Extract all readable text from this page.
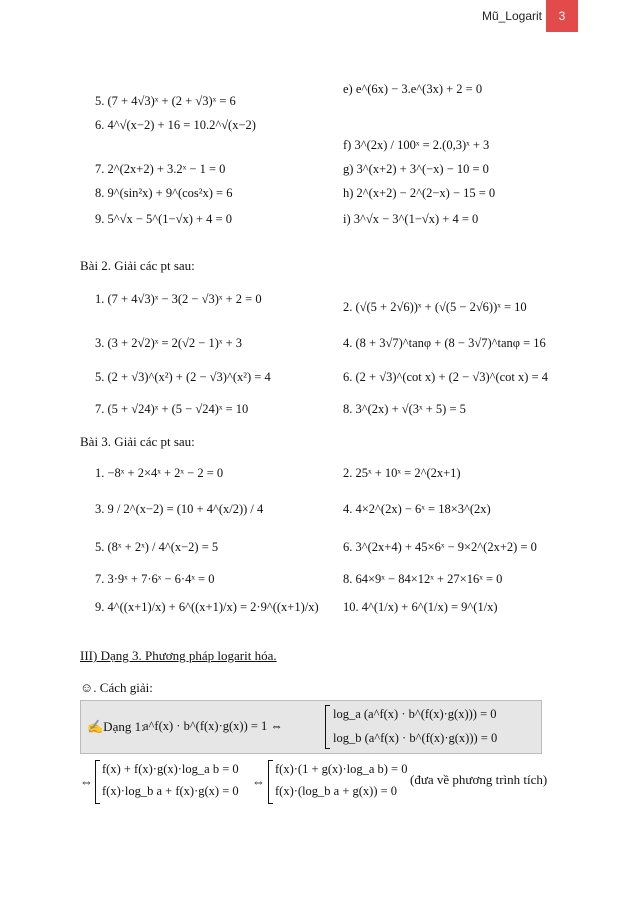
Mũ_Logarit	3
5. (7 + 4√3)ˣ + (2 + √3)ˣ = 6
6. 4^√(x−2) + 16 = 10.2^√(x−2)
7. 2^(2x+2) + 3.2ˣ − 1 = 0
8. 9^(sin²x) + 9^(cos²x) = 6
9. 5^√x − 5^(1−√x) + 4 = 0
e) e^(6x) − 3.e^(3x) + 2 = 0
f) 3^(2x) / 100ˣ = 2.(0,3)ˣ + 3
g) 3^(x+2) + 3^(−x) − 10 = 0
h) 2^(x+2) − 2^(2−x) − 15 = 0
i) 3^√x − 3^(1−√x) + 4 = 0
Bài 2. Giải các pt sau:
1. (7 + 4√3)ˣ − 3(2 − √3)ˣ + 2 = 0
2. (√(5 + 2√6))ˣ + (√(5 − 2√6))ˣ = 10
3. (3 + 2√2)ˣ = 2(√2 − 1)ˣ + 3	4. (8 + 3√7)^tanφ + (8 − 3√7)^tanφ = 16
5. (2 + √3)^(x²) + (2 − √3)^(x²) = 4	6. (2 + √3)^(cot x) + (2 − √3)^(cot x) = 4
7. (5 + √24)ˣ + (5 − √24)ˣ = 10	8. 3^(2x) + √(3ˣ + 5) = 5
Bài 3. Giải các pt sau:
1. −8ˣ + 2×4ˣ + 2ˣ − 2 = 0	2. 25ˣ + 10ˣ = 2^(2x+1)
3. 9 / 2^(x−2) = (10 + 4^(x/2)) / 4	4. 4×2^(2x) − 6ˣ = 18×3^(2x)
5. (8ˣ + 2ˣ) / 4^(x−2) = 5	6. 3^(2x+4) + 45×6ˣ − 9×2^(2x+2) = 0
7. 3·9ˣ + 7·6ˣ − 6·4ˣ = 0	8. 64×9ˣ − 84×12ˣ + 27×16ˣ = 0
9. 4^((x+1)/x) + 6^((x+1)/x) = 2·9^((x+1)/x) 10. 4^(1/x) + 6^(1/x) = 9^(1/x)
III) Dạng 3. Phương pháp logarit hóa.
☺. Cách giải:
✍Dạng 1:
a^f(x) · b^(f(x)·g(x)) = 1 ⇔
log_a (a^f(x) · b^(f(x)·g(x))) = 0
log_b (a^f(x) · b^(f(x)·g(x))) = 0
⇔
f(x) + f(x)·g(x)·log_a b = 0
f(x)·log_b a + f(x)·g(x) = 0
⇔
f(x)·(1 + g(x)·log_a b) = 0
f(x)·(log_b a + g(x)) = 0
(đưa về phương trình tích)
